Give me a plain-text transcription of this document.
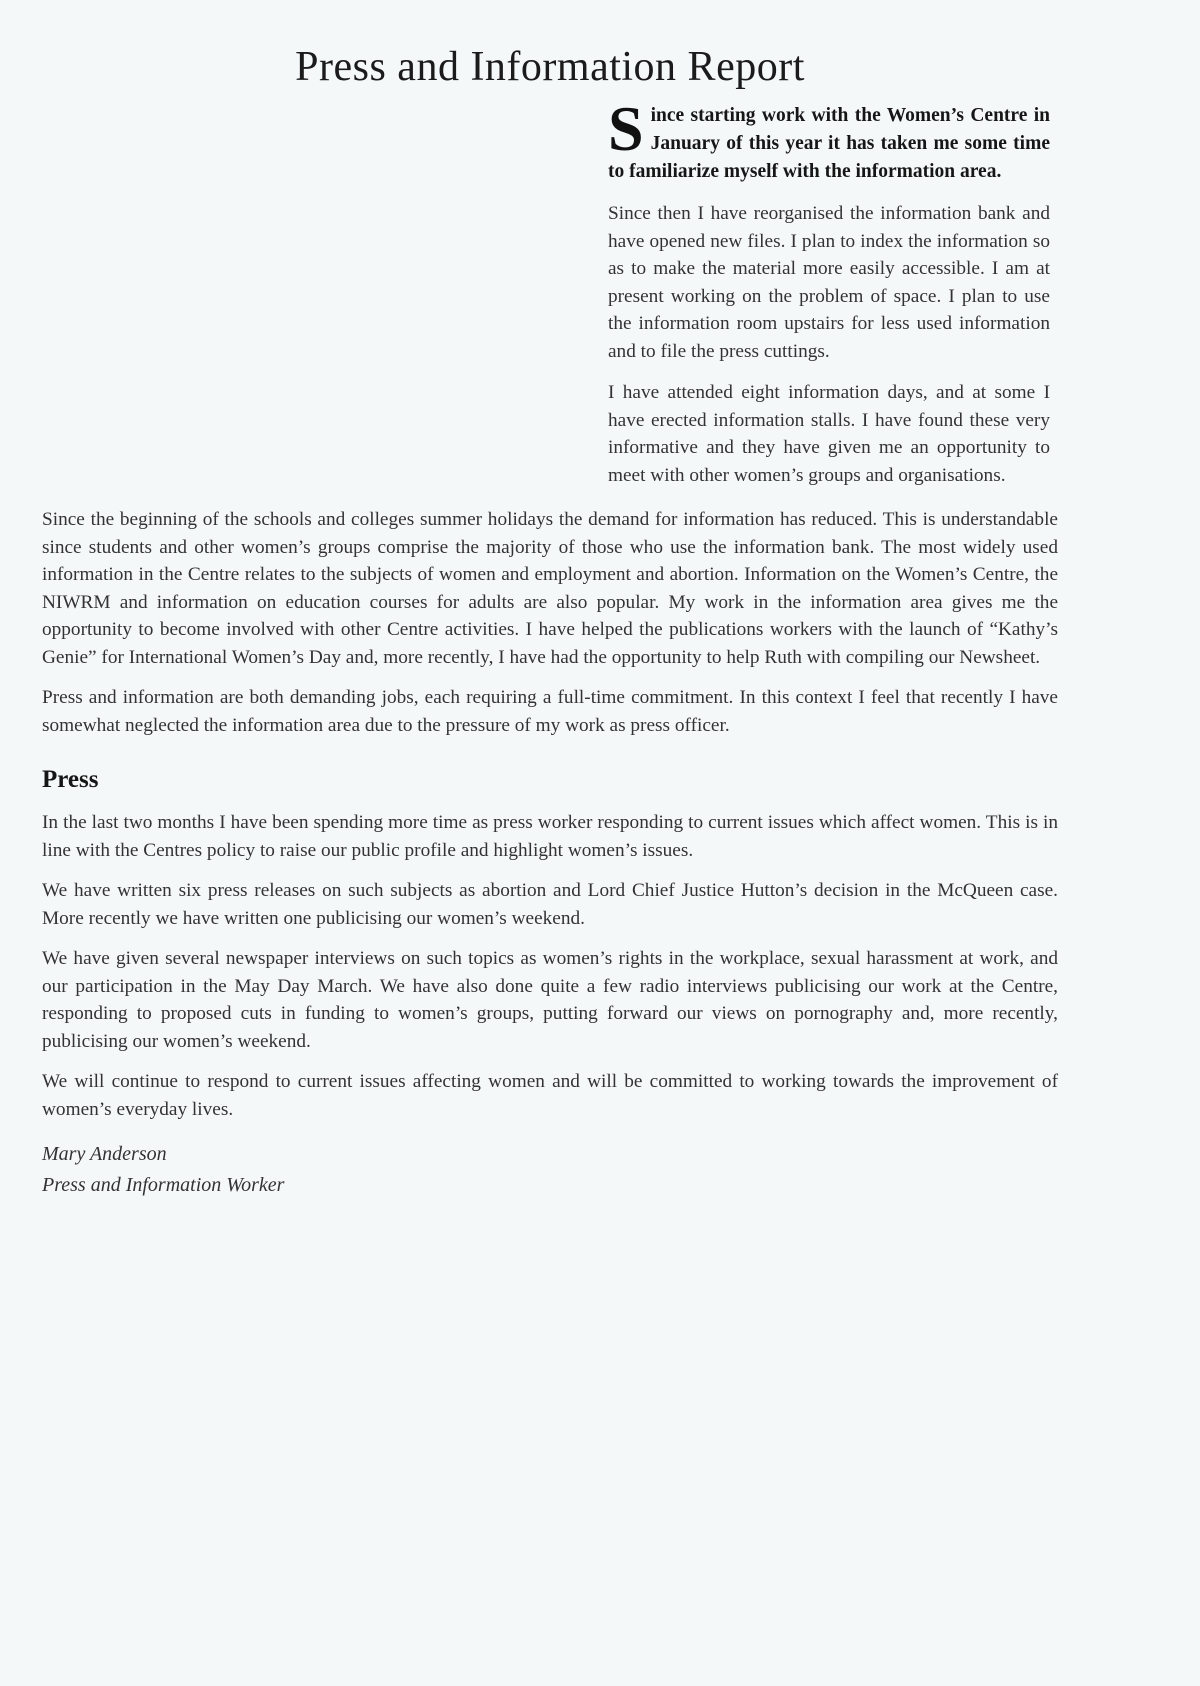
Press and Information Report

Since starting work with the Women’s Centre in January of this year it has taken me some time to familiarize myself with the information area.

Since then I have reorganised the information bank and have opened new files. I plan to index the information so as to make the material more easily accessible. I am at present working on the problem of space. I plan to use the information room upstairs for less used information and to file the press cuttings.

I have attended eight information days, and at some I have erected information stalls. I have found these very informative and they have given me an opportunity to meet with other women’s groups and organisations.

Since the beginning of the schools and colleges summer holidays the demand for information has reduced. This is understandable since students and other women’s groups comprise the majority of those who use the information bank. The most widely used information in the Centre relates to the subjects of women and employment and abortion. Information on the Women’s Centre, the NIWRM and information on education courses for adults are also popular. My work in the information area gives me the opportunity to become involved with other Centre activities. I have helped the publications workers with the launch of “Kathy’s Genie” for International Women’s Day and, more recently, I have had the opportunity to help Ruth with compiling our Newsheet.

Press and information are both demanding jobs, each requiring a full-time commitment. In this context I feel that recently I have somewhat neglected the information area due to the pressure of my work as press officer.

Press

In the last two months I have been spending more time as press worker responding to current issues which affect women. This is in line with the Centres policy to raise our public profile and highlight women’s issues.

We have written six press releases on such subjects as abortion and Lord Chief Justice Hutton’s decision in the McQueen case. More recently we have written one publicising our women’s weekend.

We have given several newspaper interviews on such topics as women’s rights in the workplace, sexual harassment at work, and our participation in the May Day March. We have also done quite a few radio interviews publicising our work at the Centre, responding to proposed cuts in funding to women’s groups, putting forward our views on pornography and, more recently, publicising our women’s weekend.

We will continue to respond to current issues affecting women and will be committed to working towards the improvement of women’s everyday lives.

Mary Anderson
Press and Information Worker
